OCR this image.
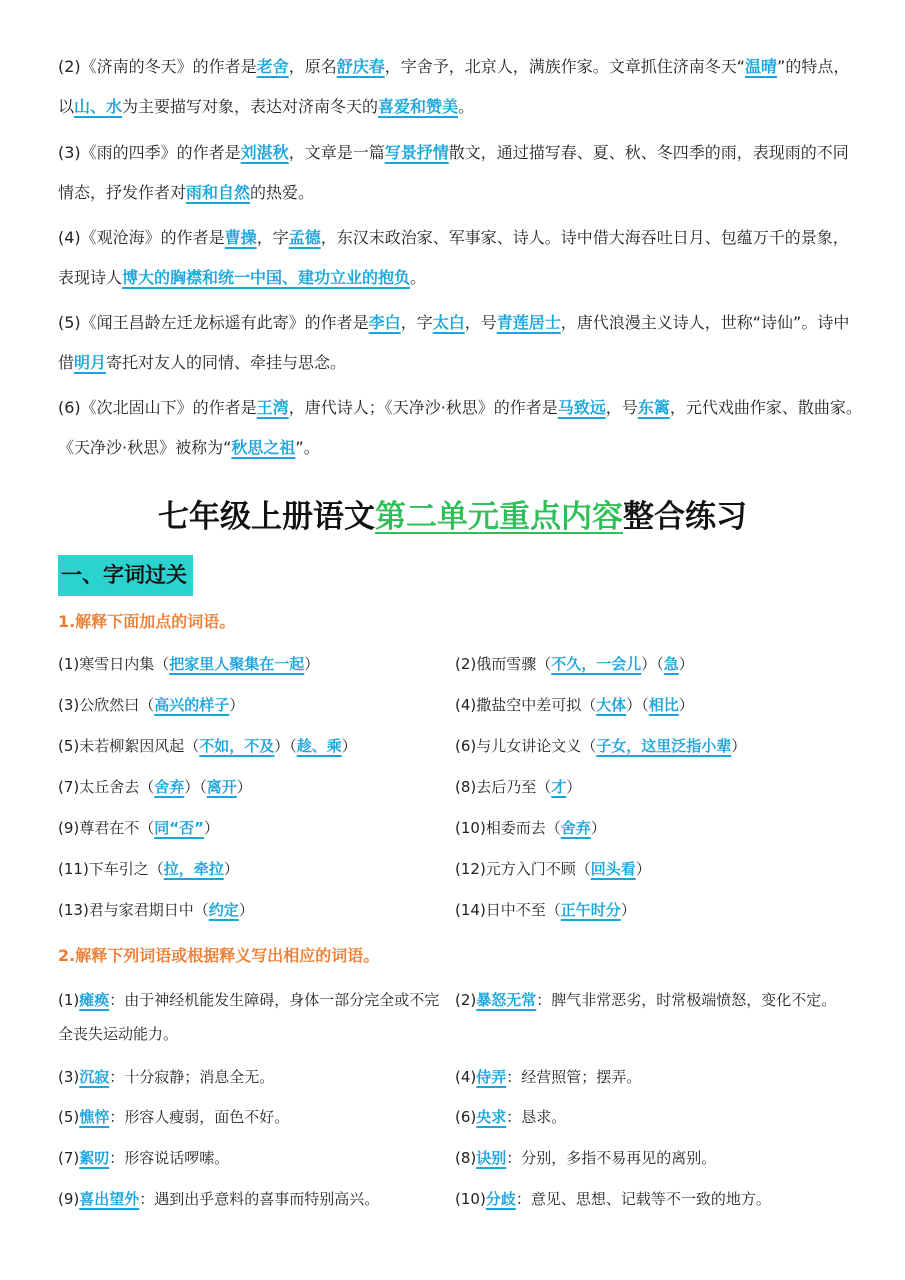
(2)《济南的冬天》的作者是老舍，原名舒庆春，字舍予，北京人，满族作家。文章抓住济南冬天“温晴”的特点，以山、水为主要描写对象，表达对济南冬天的喜爱和赞美。

(3)《雨的四季》的作者是刘湛秋，文章是一篇写景抒情散文，通过描写春、夏、秋、冬四季的雨，表现雨的不同情态，抒发作者对雨和自然的热爱。

(4)《观沧海》的作者是曹操，字孟德，东汉末政治家、军事家、诗人。诗中借大海吞吐日月、包蕴万千的景象，表现诗人博大的胸襟和统一中国、建功立业的抱负。

(5)《闻王昌龄左迁龙标遥有此寄》的作者是李白，字太白，号青莲居士，唐代浪漫主义诗人，世称“诗仙”。诗中借明月寄托对友人的同情、牵挂与思念。

(6)《次北固山下》的作者是王湾，唐代诗人；《天净沙·秋思》的作者是马致远，号东篱，元代戏曲作家、散曲家。《天净沙·秋思》被称为“秋思之祖”。

七年级上册语文第二单元重点内容整合练习
一、字词过关

1.解释下面加点的词语。

(1)寒雪日内集（把家里人聚集在一起）	(2)俄而雪骤（不久，一会儿）（急）

(3)公欣然曰（高兴的样子）	(4)撒盐空中差可拟（大体）（相比）

(5)未若柳絮因风起（不如，不及）（趁、乘）	(6)与儿女讲论文义（子女，这里泛指小辈）

(7)太丘舍去（舍弃）（离开）	(8)去后乃至（才）

(9)尊君在不（同“否”）	(10)相委而去（舍弃）

(11)下车引之（拉，牵拉）	(12)元方入门不顾（回头看）

(13)君与家君期日中（约定）	(14)日中不至（正午时分）

2.解释下列词语或根据释义写出相应的词语。

(1)瘫痪：由于神经机能发生障碍，身体一部分完全或不完全丧失运动能力。

(2)暴怒无常：脾气非常恶劣，时常极端愤怒，变化不定。

(3)沉寂：十分寂静；消息全无。	(4)侍弄：经营照管；摆弄。

(5)憔悴：形容人瘦弱，面色不好。	(6)央求：恳求。

(7)絮叨：形容说话啰嗦。	(8)诀别：分别，多指不易再见的离别。

(9)喜出望外：遇到出乎意料的喜事而特别高兴。	(10)分歧：意见、思想、记载等不一致的地方。
